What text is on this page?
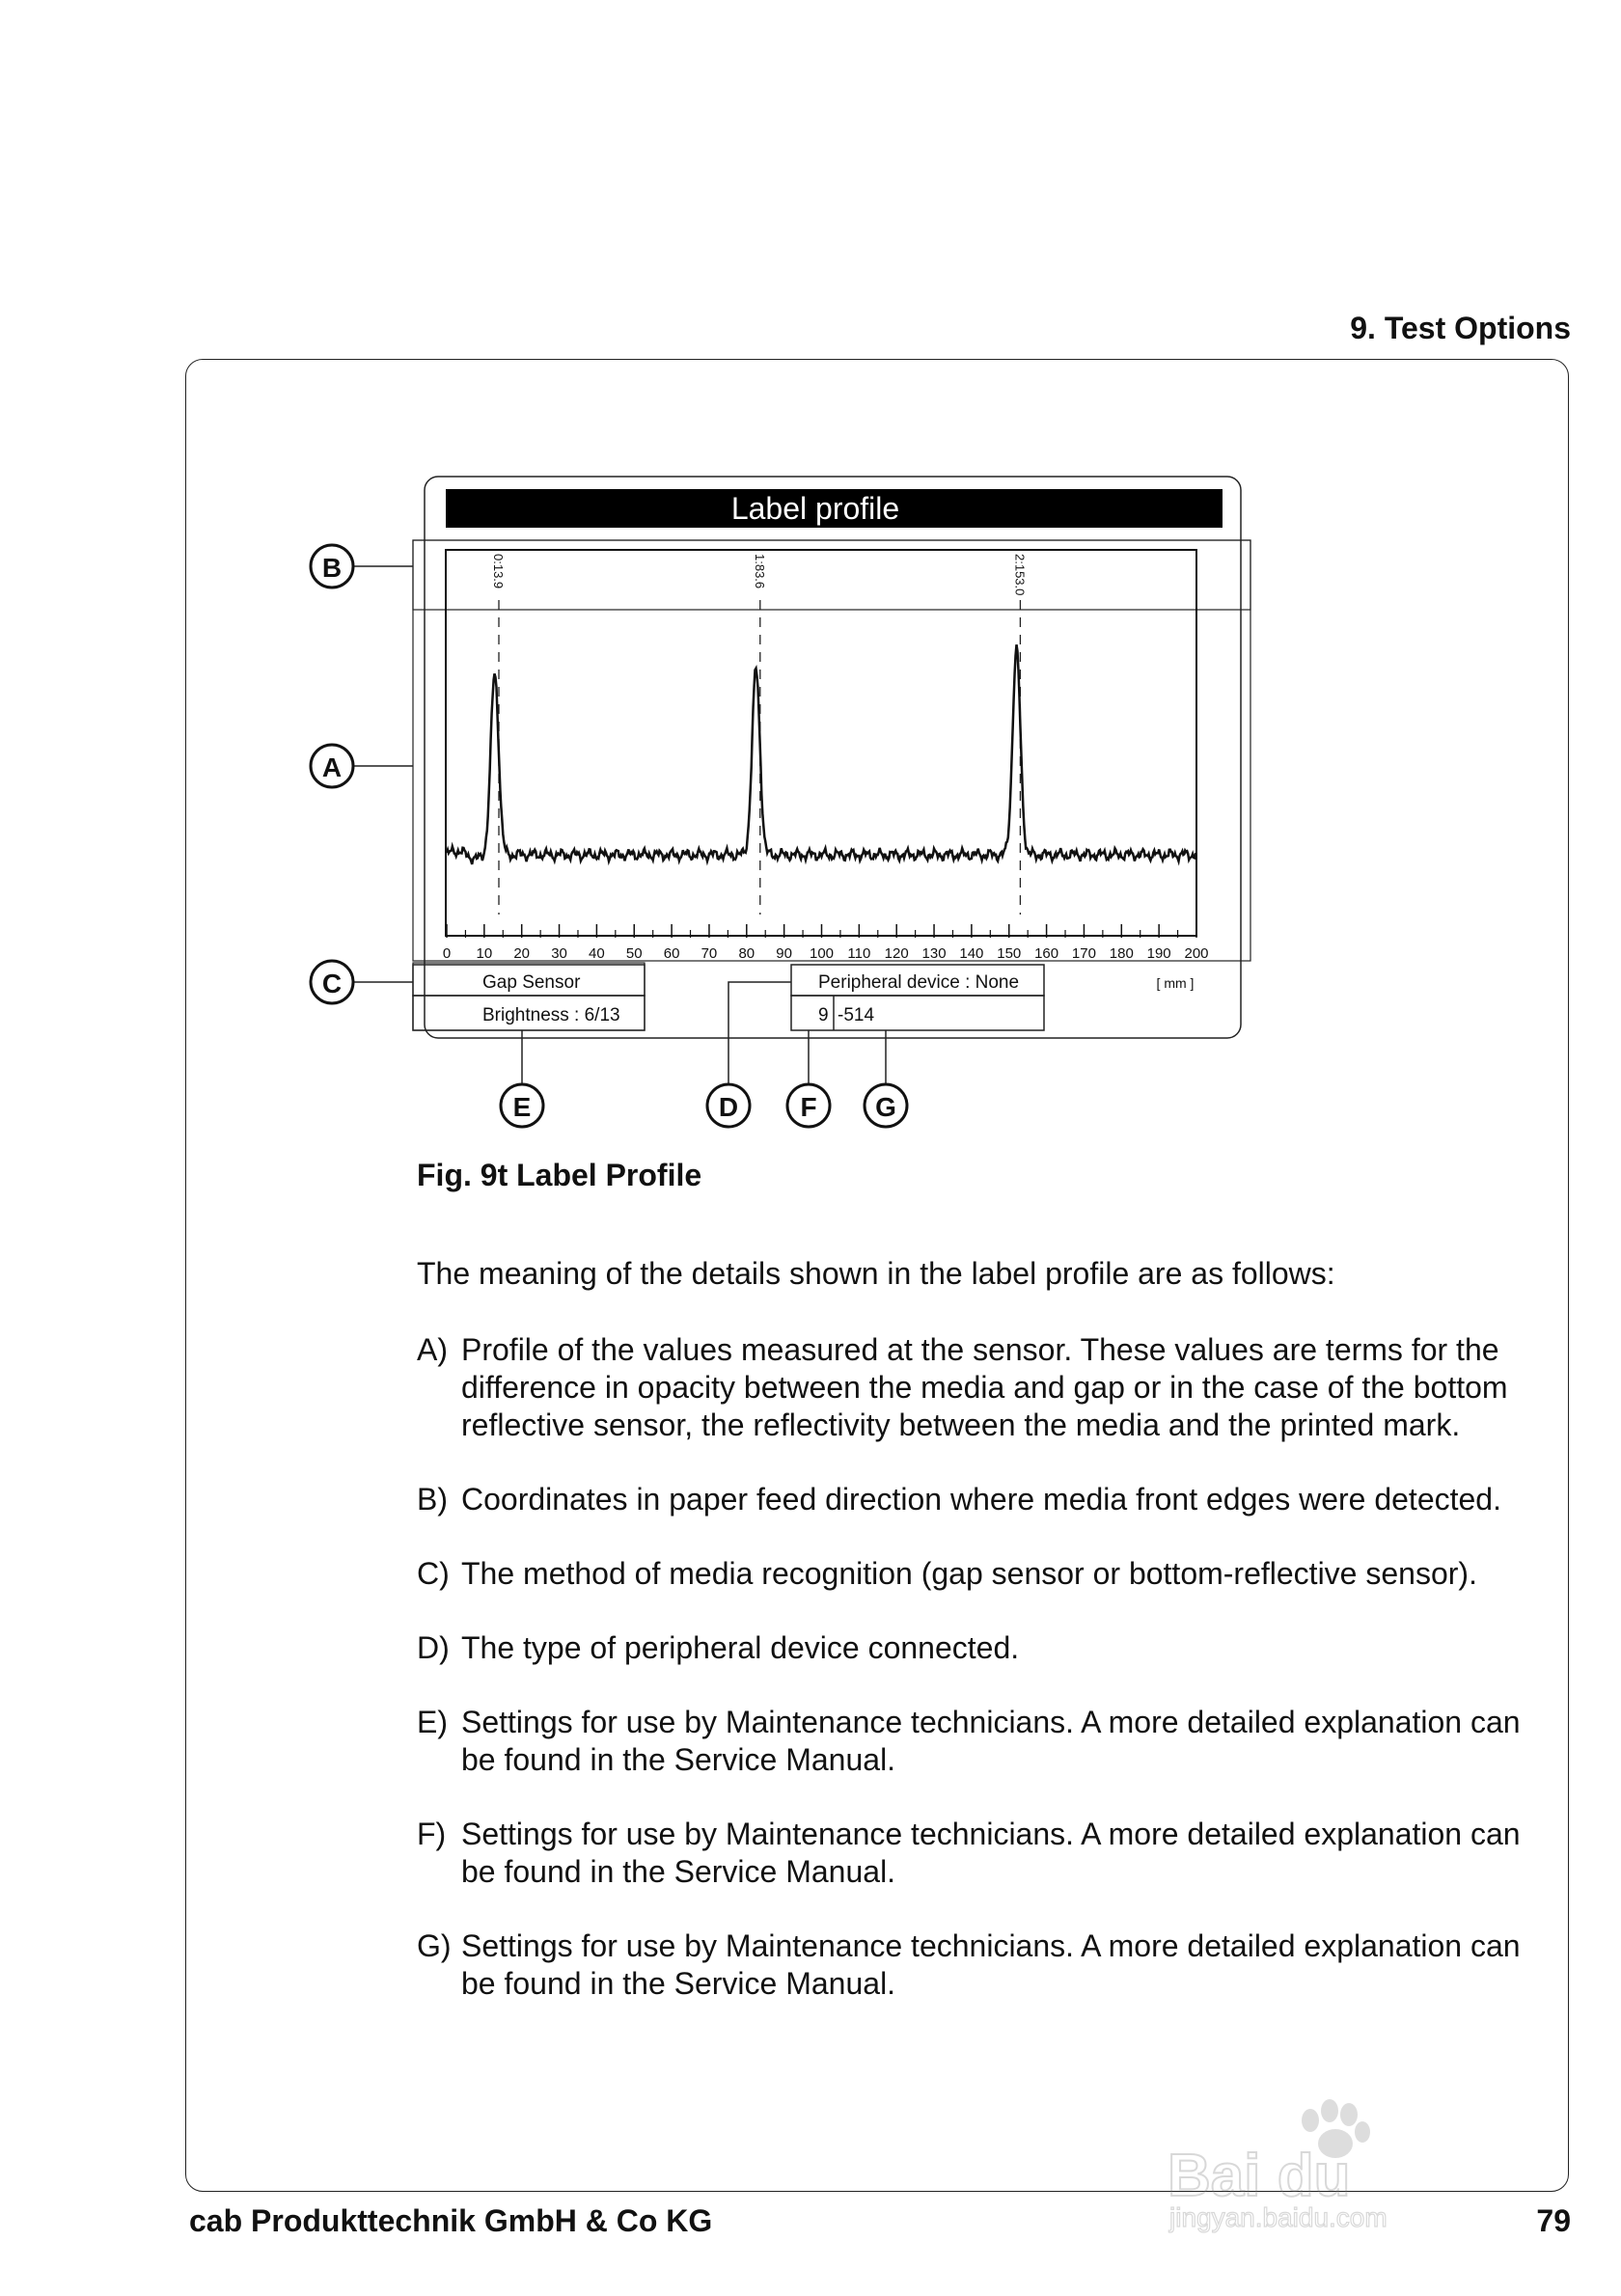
9. Test Options
Label profile
0 10 20 30 40 50 60 70 80 90 100 110 120 130 140 150 160 170 180 190 200
0:13.9	1:83.6	2:153.0
[ mm ]
Gap Sensor
Brightness : 6/13
Peripheral device : None
9 -514
B
A
C
E	D F G
Fig. 9t Label Profile
The meaning of the details shown in the label profile are as follows:
A) Profile of the values measured at the sensor. These values are terms for the difference in opacity between the media and gap or in the case of the bottom reflective sensor, the reflectivity between the media and the printed mark.
B) Coordinates in paper feed direction where media front edges were detected.
C) The method of media recognition (gap sensor or bottom-reflective sensor).
D) The type of peripheral device connected.
E) Settings for use by Maintenance technicians. A more detailed explanation can be found in the Service Manual.
F) Settings for use by Maintenance technicians. A more detailed explanation can be found in the Service Manual.
G) Settings for use by Maintenance technicians. A more detailed explanation can be found in the Service Manual.
cab Produkttechnik GmbH & Co KG	79
Bai du
jingyan.baidu.com
